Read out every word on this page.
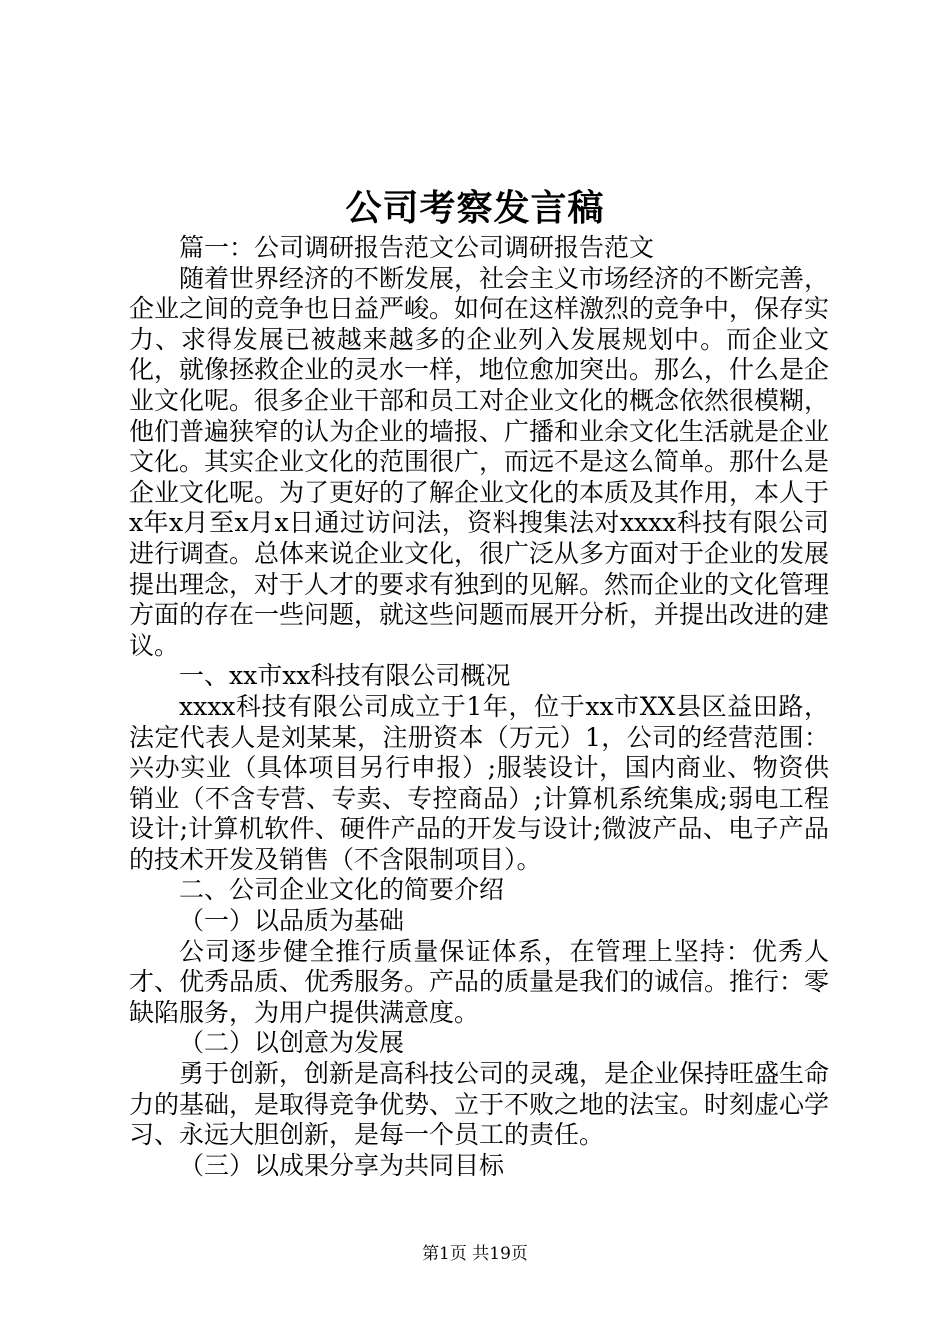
公司考察发言稿

篇一：公司调研报告范文公司调研报告范文

随着世界经济的不断发展，社会主义市场经济的不断完善，企业之间的竞争也日益严峻。如何在这样激烈的竞争中，保存实力、求得发展已被越来越多的企业列入发展规划中。而企业文化，就像拯救企业的灵水一样，地位愈加突出。那么，什么是企业文化呢。很多企业干部和员工对企业文化的概念依然很模糊，他们普遍狭窄的认为企业的墙报、广播和业余文化生活就是企业文化。其实企业文化的范围很广，而远不是这么简单。那什么是企业文化呢。为了更好的了解企业文化的本质及其作用，本人于x年x月至x月x日通过访问法，资料搜集法对xxxx科技有限公司进行调查。总体来说企业文化，很广泛从多方面对于企业的发展提出理念，对于人才的要求有独到的见解。然而企业的文化管理方面的存在一些问题，就这些问题而展开分析，并提出改进的建议。

一、xx市xx科技有限公司概况

xxxx科技有限公司成立于1年，位于xx市XX县区益田路，法定代表人是刘某某，注册资本（万元）1，公司的经营范围：兴办实业（具体项目另行申报）;服装设计，国内商业、物资供销业（不含专营、专卖、专控商品）;计算机系统集成;弱电工程设计;计算机软件、硬件产品的开发与设计;微波产品、电子产品的技术开发及销售（不含限制项目）。

二、公司企业文化的简要介绍

（一）以品质为基础

公司逐步健全推行质量保证体系，在管理上坚持：优秀人才、优秀品质、优秀服务。产品的质量是我们的诚信。推行：零缺陷服务，为用户提供满意度。

（二）以创意为发展

勇于创新，创新是高科技公司的灵魂，是企业保持旺盛生命力的基础，是取得竞争优势、立于不败之地的法宝。时刻虚心学习、永远大胆创新，是每一个员工的责任。

（三）以成果分享为共同目标

第1页 共19页
